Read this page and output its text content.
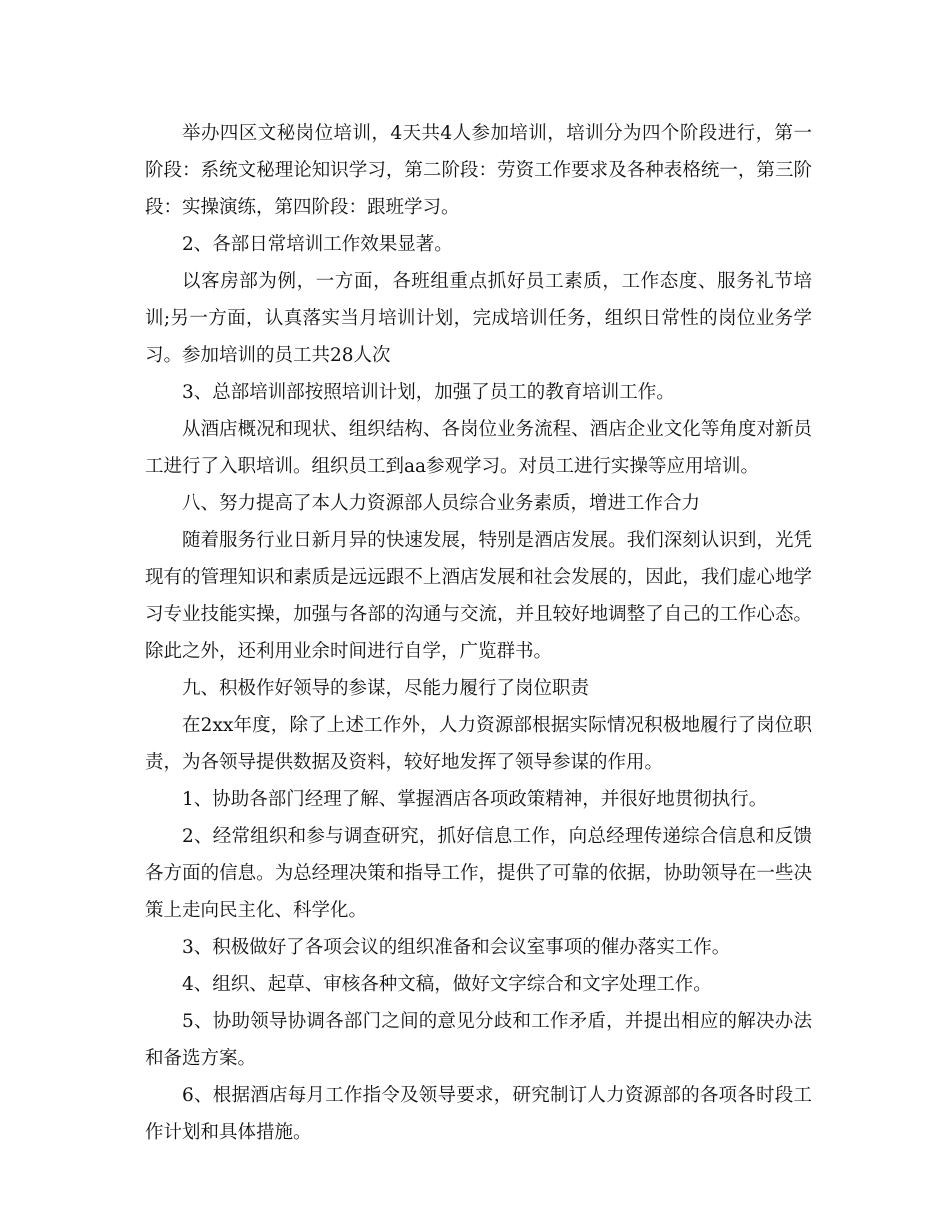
举办四区文秘岗位培训，4天共4人参加培训，培训分为四个阶段进行，第一阶段：系统文秘理论知识学习，第二阶段：劳资工作要求及各种表格统一，第三阶段：实操演练，第四阶段：跟班学习。

2、各部日常培训工作效果显著。

以客房部为例，一方面，各班组重点抓好员工素质，工作态度、服务礼节培训;另一方面，认真落实当月培训计划，完成培训任务，组织日常性的岗位业务学习。参加培训的员工共28人次

3、总部培训部按照培训计划，加强了员工的教育培训工作。

从酒店概况和现状、组织结构、各岗位业务流程、酒店企业文化等角度对新员工进行了入职培训。组织员工到aa参观学习。对员工进行实操等应用培训。

八、努力提高了本人力资源部人员综合业务素质，增进工作合力

随着服务行业日新月异的快速发展，特别是酒店发展。我们深刻认识到，光凭现有的管理知识和素质是远远跟不上酒店发展和社会发展的，因此，我们虚心地学习专业技能实操，加强与各部的沟通与交流，并且较好地调整了自己的工作心态。除此之外，还利用业余时间进行自学，广览群书。

九、积极作好领导的参谋，尽能力履行了岗位职责

在2xx年度，除了上述工作外，人力资源部根据实际情况积极地履行了岗位职责，为各领导提供数据及资料，较好地发挥了领导参谋的作用。

1、协助各部门经理了解、掌握酒店各项政策精神，并很好地贯彻执行。

2、经常组织和参与调查研究，抓好信息工作，向总经理传递综合信息和反馈各方面的信息。为总经理决策和指导工作，提供了可靠的依据，协助领导在一些决策上走向民主化、科学化。

3、积极做好了各项会议的组织准备和会议室事项的催办落实工作。

4、组织、起草、审核各种文稿，做好文字综合和文字处理工作。

5、协助领导协调各部门之间的意见分歧和工作矛盾，并提出相应的解决办法和备选方案。

6、根据酒店每月工作指令及领导要求，研究制订人力资源部的各项各时段工作计划和具体措施。
